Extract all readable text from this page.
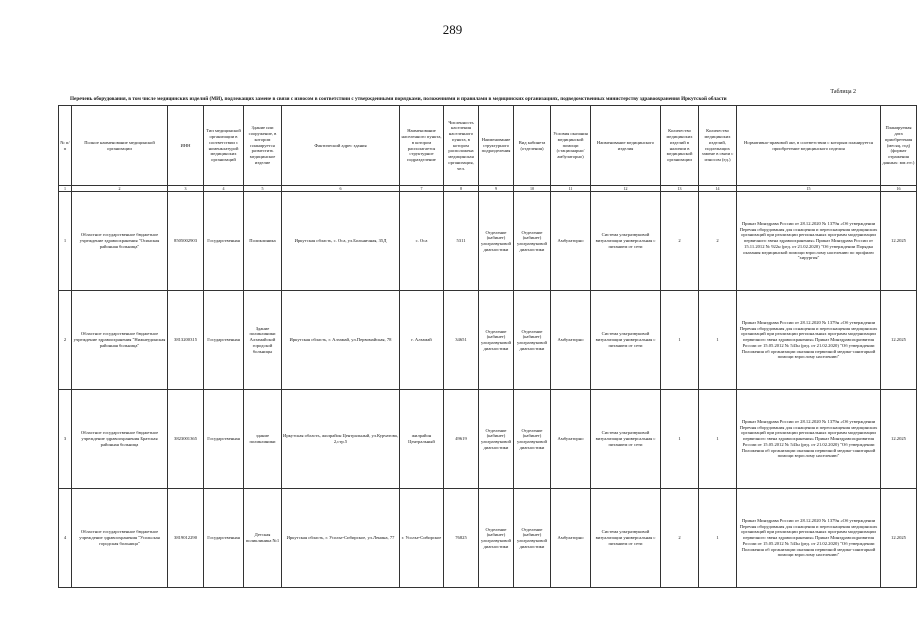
289
Таблица 2
Перечень оборудования, в том числе медицинских изделий (МИ), подлежащих замене в связи с износом в соответствии с утвержденными порядками, положениями и правилами в медицинских организациях, подведомственных министерству здравоохранения Иркутской области
№ п/п	Полное наименование медицинской организации	ИНН	Тип медицинской организации в соответствии с номенклатурой медицинских организаций	Здание или сооружение, в котором планируется разместить медицинское изделие	Фактический адрес здания	Наименование населенного пункта, в котором располагается структурное подразделение	Численность населения населенного пункта, в котором расположена медицинская организация, чел.	Наименование структурного подразделения	Вид кабинета (отделения)	Условия оказания медицинской помощи (стационарно/амбулаторно)	Наименование медицинского изделия	Количество медицинских изделий в наличии в медицинской организации	Количество медицинских изделий, подлежащих замене в связи с износом (ед.)	Нормативно-правовой акт, в соответствии с которым планируется приобретение медицинского изделия	Планируемая дата приобретения (месяц, год) (формат отражения данных: мм.ггг.)
1	2	3	4	5	6	7	8	9	10	11	12	13	14	15	16
1	Областное государственное бюджетное учреждение здравоохранения "Осинская районная больница"	8505002903	Государственная	Поликлиника	Иркутская область, с. Оса, ул.Больничная, 35Д	с. Оса	5311	Отделение (кабинет) ультразвуковой диагностики	Отделение (кабинет) ультразвуковой диагностики	Амбулаторно	Система ультразвуковой визуализации универсальная с питанием от сети	2	2	Приказ Минздрава России от 28.12.2020 № 1379н «Об утверждении Перечня оборудования для оснащения и переоснащения медицинских организаций при реализации региональных программ модернизации первичного звена здравоохранения» Приказ Минздрава России от 15.11.2012 № 922н (ред. от 21.02.2020) "Об утверждении Порядка оказания медицинской помощи взрослому населению по профилю "хирургия"	12.2025
2	Областное государственное бюджетное учреждение здравоохранения "Нижнеудинская районная больница"	3813200315	Государственная	Здание поликлиники Алзамайской городской больницы	Иркутская область, г. Алзамай, ул.Первомайская, 78	г. Алзамай	34651	Отделение (кабинет) ультразвуковой диагностики	Отделение (кабинет) ультразвуковой диагностики	Амбулаторно	Система ультразвуковой визуализации универсальная с питанием от сети	1	1	Приказ Минздрава России от 28.12.2020 № 1379н «Об утверждении Перечня оборудования для оснащения и переоснащения медицинских организаций при реализации региональных программ модернизации первичного звена здравоохранения» Приказ Минздравсоцразвития России от 15.05.2012 № 543н (ред. от 21.02.2020) "Об утверждении Положения об организации оказания первичной медико-санитарной помощи взрослому населению"	12.2025
3	Областное государственное бюджетное учреждение здравоохранения Братская районная больница	3823001365	Государственная	здание поликлиники	Иркутская область, жилрайон Центральный, ул.Курчатова, 2,стр.5	жилрайон Центральный	49619	Отделение (кабинет) ультразвуковой диагностики	Отделение (кабинет) ультразвуковой диагностики	Амбулаторно	Система ультразвуковой визуализации универсальная с питанием от сети	1	1	Приказ Минздрава России от 28.12.2020 № 1379н «Об утверждении Перечня оборудования для оснащения и переоснащения медицинских организаций при реализации региональных программ модернизации первичного звена здравоохранения» Приказ Минздравсоцразвития России от 15.05.2012 № 543н (ред. от 21.02.2020) "Об утверждении Положения об организации оказания первичной медико-санитарной помощи взрослому населению"	12.2025
4	Областное государственное бюджетное учреждение здравоохранения "Усольская городская больница"	3819012290	Государственная	Детская поликлиника №1	Иркутская область, г. Усолье-Сибирское, ул.Ленина, 77	г. Усолье-Сибирское	76825	Отделение (кабинет) ультразвуковой диагностики	Отделение (кабинет) ультразвуковой диагностики	Амбулаторно	Система ультразвуковой визуализации универсальная с питанием от сети	2	1	Приказ Минздрава России от 28.12.2020 № 1379н «Об утверждении Перечня оборудования для оснащения и переоснащения медицинских организаций при реализации региональных программ модернизации первичного звена здравоохранения» Приказ Минздравсоцразвития России от 15.05.2012 № 543н (ред. от 21.02.2020) "Об утверждении Положения об организации оказания первичной медико-санитарной помощи взрослому населению"	12.2025
